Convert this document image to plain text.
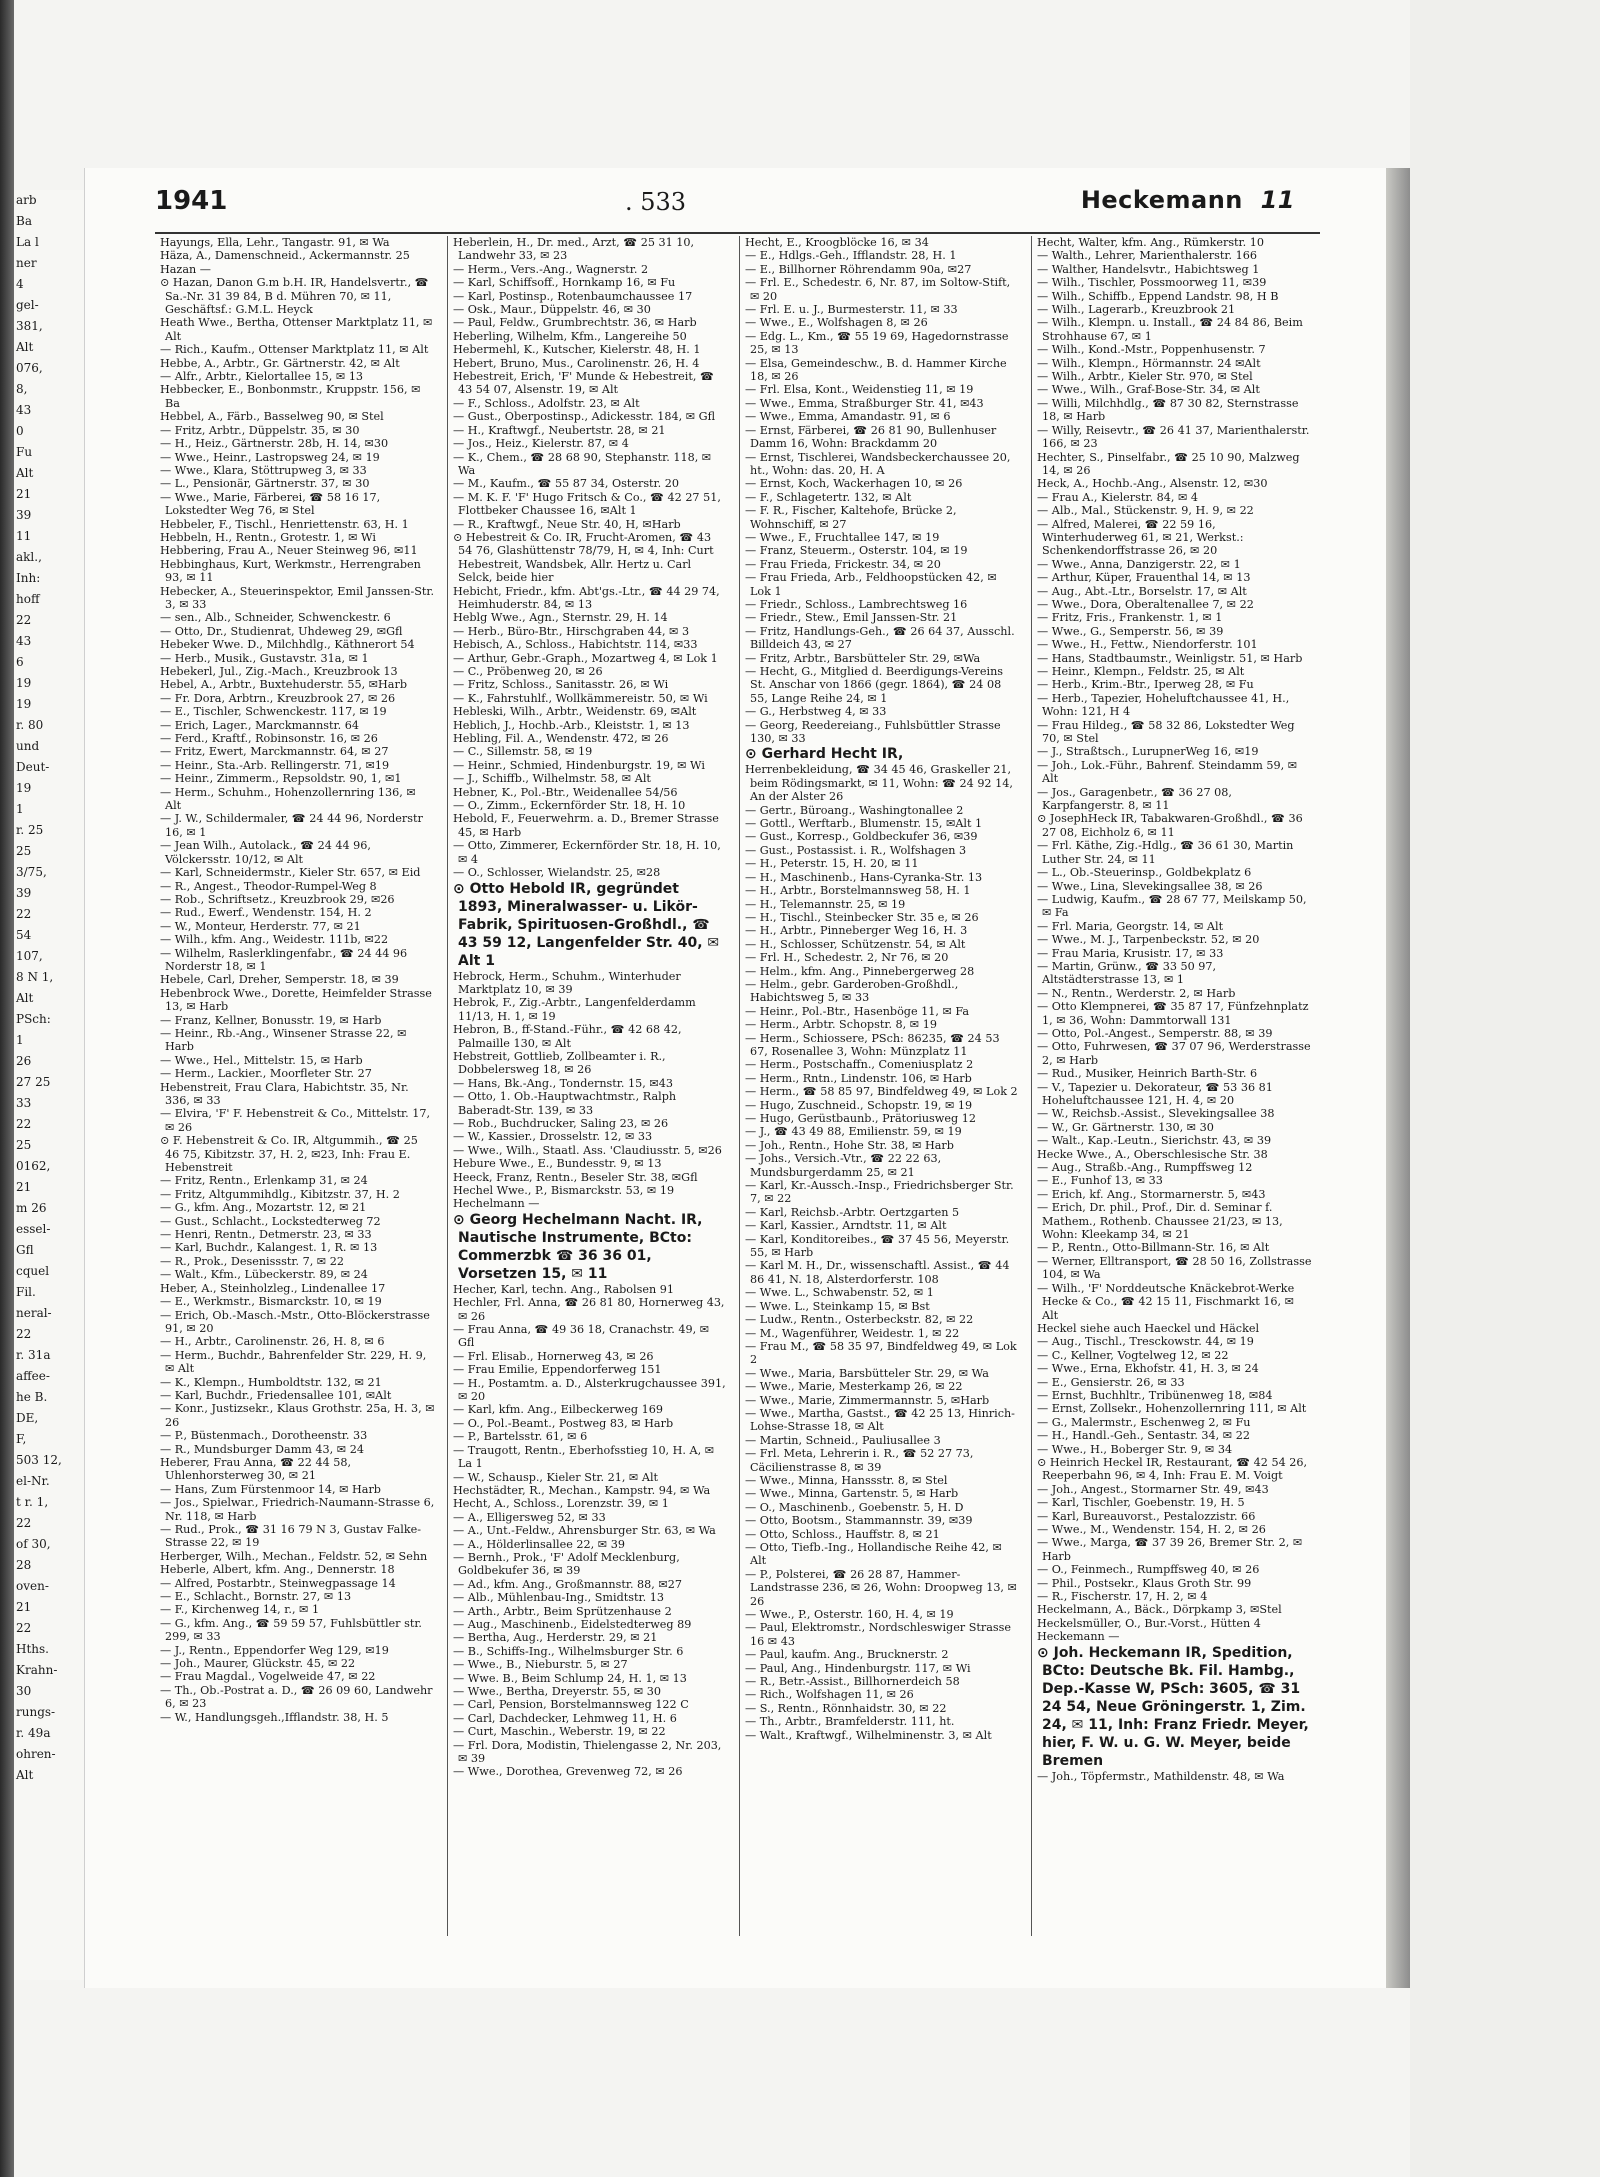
arb
Ba
La l
ner
4
gel-
381,
Alt
076,
8,
43
0
Fu
Alt
21
39
11
akl.,
Inh:
hoff
22
43
6
19
19
r. 80
und
Deut-
19
1
r. 25
25
3/75,
39
22
54
107,
8 N 1,
Alt
PSch:
1
26
27 25
33
22
25
0162,
21
m 26
essel-
Gfl
cquel
Fil.
neral-
22
r. 31a
affee-
he B.
DE,
F,
503 12,
el-Nr.
t r. 1,
22
of 30,
28
oven-
21
22
Hths.
Krahn-
30
rungs-
r. 49a
ohren-
Alt
1941	. 533	Heckemann 11
Hayungs, Ella, Lehr., Tangastr. 91, ✉ Wa
Häza, A., Damenschneid., Ackermannstr. 25
Hazan —
⊙ Hazan, Danon G.m b.H. IR, Handelsvertr., ☎ Sa.-Nr. 31 39 84, B d. Mühren 70, ✉ 11, Geschäftsf.: G.M.L. Heyck
Heath Wwe., Bertha, Ottenser Marktplatz 11, ✉ Alt
— Rich., Kaufm., Ottenser Marktplatz 11, ✉ Alt
Hebbe, A., Arbtr., Gr. Gärtnerstr. 42, ✉ Alt
— Alfr., Arbtr., Kielortallee 15, ✉ 13
Hebbecker, E., Bonbonmstr., Kruppstr. 156, ✉ Ba
Hebbel, A., Färb., Basselweg 90, ✉ Stel
— Fritz, Arbtr., Düppelstr. 35, ✉ 30
— H., Heiz., Gärtnerstr. 28b, H. 14, ✉30
— Wwe., Heinr., Lastropsweg 24, ✉ 19
— Wwe., Klara, Stöttrupweg 3, ✉ 33
— L., Pensionär, Gärtnerstr. 37, ✉ 30
— Wwe., Marie, Färberei, ☎ 58 16 17, Lokstedter Weg 76, ✉ Stel
Hebbeler, F., Tischl., Henriettenstr. 63, H. 1
Hebbeln, H., Rentn., Grotestr. 1, ✉ Wi
Hebbering, Frau A., Neuer Steinweg 96, ✉11
Hebbinghaus, Kurt, Werkmstr., Herrengraben 93, ✉ 11
Hebecker, A., Steuerinspektor, Emil Janssen-Str. 3, ✉ 33
— sen., Alb., Schneider, Schwenckestr. 6
— Otto, Dr., Studienrat, Uhdeweg 29, ✉Gfl
Hebeker Wwe. D., Milchhdlg., Käthnerort 54
— Herb., Musik., Gustavstr. 31a, ✉ 1
Hebekerl, Jul., Zig.-Mach., Kreuzbrook 13
Hebel, A., Arbtr., Buxtehuderstr. 55, ✉Harb
— Fr. Dora, Arbtrn., Kreuzbrook 27, ✉ 26
— E., Tischler, Schwenckestr. 117, ✉ 19
— Erich, Lager., Marckmannstr. 64
— Ferd., Kraftf., Robinsonstr. 16, ✉ 26
— Fritz, Ewert, Marckmannstr. 64, ✉ 27
— Heinr., Sta.-Arb. Rellingerstr. 71, ✉19
— Heinr., Zimmerm., Repsoldstr. 90, 1, ✉1
— Herm., Schuhm., Hohenzollernring 136, ✉ Alt
— J. W., Schildermaler, ☎ 24 44 96, Norderstr 16, ✉ 1
— Jean Wilh., Autolack., ☎ 24 44 96, Völckersstr. 10/12, ✉ Alt
— Karl, Schneidermstr., Kieler Str. 657, ✉ Eid
— R., Angest., Theodor-Rumpel-Weg 8
— Rob., Schriftsetz., Kreuzbrook 29, ✉26
— Rud., Ewerf., Wendenstr. 154, H. 2
— W., Monteur, Herderstr. 77, ✉ 21
— Wilh., kfm. Ang., Weidestr. 111b, ✉22
— Wilhelm, Raslerklingenfabr., ☎ 24 44 96 Norderstr 18, ✉ 1
Hebele, Carl, Dreher, Semperstr. 18, ✉ 39
Hebenbrock Wwe., Dorette, Heimfelder Strasse 13, ✉ Harb
— Franz, Kellner, Bonusstr. 19, ✉ Harb
— Heinr., Rb.-Ang., Winsener Strasse 22, ✉ Harb
— Wwe., Hel., Mittelstr. 15, ✉ Harb
— Herm., Lackier., Moorfleter Str. 27
Hebenstreit, Frau Clara, Habichtstr. 35, Nr. 336, ✉ 33
— Elvira, 'F' F. Hebenstreit & Co., Mittelstr. 17, ✉ 26
⊙ F. Hebenstreit & Co. IR, Altgummih., ☎ 25 46 75, Kibitzstr. 37, H. 2, ✉23, Inh: Frau E. Hebenstreit
— Fritz, Rentn., Erlenkamp 31, ✉ 24
— Fritz, Altgummihdlg., Kibitzstr. 37, H. 2
— G., kfm. Ang., Mozartstr. 12, ✉ 21
— Gust., Schlacht., Lockstedterweg 72
— Henri, Rentn., Detmerstr. 23, ✉ 33
— Karl, Buchdr., Kalangest. 1, R. ✉ 13
— R., Prok., Desenissstr. 7, ✉ 22
— Walt., Kfm., Lübeckerstr. 89, ✉ 24
Heber, A., Steinholzleg., Lindenallee 17
— E., Werkmstr., Bismarckstr. 10, ✉ 19
— Erich, Ob.-Masch.-Mstr., Otto-Blöckerstrasse 91, ✉ 20
— H., Arbtr., Carolinenstr. 26, H. 8, ✉ 6
— Herm., Buchdr., Bahrenfelder Str. 229, H. 9, ✉ Alt
— K., Klempn., Humboldtstr. 132, ✉ 21
— Karl, Buchdr., Friedensallee 101, ✉Alt
— Konr., Justizsekr., Klaus Grothstr. 25a, H. 3, ✉ 26
— P., Büstenmach., Dorotheenstr. 33
— R., Mundsburger Damm 43, ✉ 24
Heberer, Frau Anna, ☎ 22 44 58, Uhlenhorsterweg 30, ✉ 21
— Hans, Zum Fürstenmoor 14, ✉ Harb
— Jos., Spielwar., Friedrich-Naumann-Strasse 6, Nr. 118, ✉ Harb
— Rud., Prok., ☎ 31 16 79 N 3, Gustav Falke-Strasse 22, ✉ 19
Herberger, Wilh., Mechan., Feldstr. 52, ✉ Sehn
Heberle, Albert, kfm. Ang., Dennerstr. 18
— Alfred, Postarbtr., Steinwegpassage 14
— E., Schlacht., Bornstr. 27, ✉ 13
— F., Kirchenweg 14, r., ✉ 1
— G., kfm. Ang., ☎ 59 59 57, Fuhlsbüttler str. 299, ✉ 33
— J., Rentn., Eppendorfer Weg 129, ✉19
— Joh., Maurer, Glückstr. 45, ✉ 22
— Frau Magdal., Vogelweide 47, ✉ 22
— Th., Ob.-Postrat a. D., ☎ 26 09 60, Landwehr 6, ✉ 23
— W., Handlungsgeh.,Ifflandstr. 38, H. 5
Heberlein, H., Dr. med., Arzt, ☎ 25 31 10, Landwehr 33, ✉ 23
— Herm., Vers.-Ang., Wagnerstr. 2
— Karl, Schiffsoff., Hornkamp 16, ✉ Fu
— Karl, Postinsp., Rotenbaumchaussee 17
— Osk., Maur., Düppelstr. 46, ✉ 30
— Paul, Feldw., Grumbrechtstr. 36, ✉ Harb
Heberling, Wilhelm, Kfm., Langereihe 50
Hebermehl, K., Kutscher, Kielerstr. 48, H. 1
Hebert, Bruno, Mus., Carolinenstr. 26, H. 4
Hebestreit, Erich, 'F' Munde & Hebestreit, ☎ 43 54 07, Alsenstr. 19, ✉ Alt
— F., Schloss., Adolfstr. 23, ✉ Alt
— Gust., Oberpostinsp., Adickesstr. 184, ✉ Gfl
— H., Kraftwgf., Neubertstr. 28, ✉ 21
— Jos., Heiz., Kielerstr. 87, ✉ 4
— K., Chem., ☎ 28 68 90, Stephanstr. 118, ✉ Wa
— M., Kaufm., ☎ 55 87 34, Osterstr. 20
— M. K. F. 'F' Hugo Fritsch & Co., ☎ 42 27 51, Flottbeker Chaussee 16, ✉Alt 1
— R., Kraftwgf., Neue Str. 40, H, ✉Harb
⊙ Hebestreit & Co. IR, Frucht-Aromen, ☎ 43 54 76, Glashüttenstr 78/79, H, ✉ 4, Inh: Curt Hebestreit, Wandsbek, Allr. Hertz u. Carl Selck, beide hier
Hebicht, Friedr., kfm. Abt'gs.-Ltr., ☎ 44 29 74, Heimhuderstr. 84, ✉ 13
Heblg Wwe., Agn., Sternstr. 29, H. 14
— Herb., Büro-Btr., Hirschgraben 44, ✉ 3
Hebisch, A., Schloss., Habichtstr. 114, ✉33
— Arthur, Gebr.-Graph., Mozartweg 4, ✉ Lok 1
— C., Pröbenweg 20, ✉ 26
— Fritz, Schloss., Sanitasstr. 26, ✉ Wi
— K., Fahrstuhlf., Wollkämmereistr. 50, ✉ Wi
Hebleski, Wilh., Arbtr., Weidenstr. 69, ✉Alt
Heblich, J., Hochb.-Arb., Kleiststr. 1, ✉ 13
Hebling, Fil. A., Wendenstr. 472, ✉ 26
— C., Sillemstr. 58, ✉ 19
— Heinr., Schmied, Hindenburgstr. 19, ✉ Wi
— J., Schiffb., Wilhelmstr. 58, ✉ Alt
Hebner, K., Pol.-Btr., Weidenallee 54/56
— O., Zimm., Eckernförder Str. 18, H. 10
Hebold, F., Feuerwehrm. a. D., Bremer Strasse 45, ✉ Harb
— Otto, Zimmerer, Eckernförder Str. 18, H. 10, ✉ 4
— O., Schlosser, Wielandstr. 25, ✉28
⊙ Otto Hebold IR, gegründet 1893, Mineralwasser- u. Likör-Fabrik, Spirituosen-Großhdl., ☎ 43 59 12, Langenfelder Str. 40, ✉ Alt 1
Hebrock, Herm., Schuhm., Winterhuder Marktplatz 10, ✉ 39
Hebrok, F., Zig.-Arbtr., Langenfelderdamm 11/13, H. 1, ✉ 19
Hebron, B., ff-Stand.-Führ., ☎ 42 68 42, Palmaille 130, ✉ Alt
Hebstreit, Gottlieb, Zollbeamter i. R., Dobbelersweg 18, ✉ 26
— Hans, Bk.-Ang., Tondernstr. 15, ✉43
— Otto, 1. Ob.-Hauptwachtmstr., Ralph Baberadt-Str. 139, ✉ 33
— Rob., Buchdrucker, Saling 23, ✉ 26
— W., Kassier., Drosselstr. 12, ✉ 33
— Wwe., Wilh., Staatl. Ass. 'Claudiusstr. 5, ✉26
Hebure Wwe., E., Bundesstr. 9, ✉ 13
Heeck, Franz, Rentn., Beseler Str. 38, ✉Gfl
Hechel Wwe., P., Bismarckstr. 53, ✉ 19
Hechelmann —
⊙ Georg Hechelmann Nacht. IR, Nautische Instrumente, BCto: Commerzbk ☎ 36 36 01, Vorsetzen 15, ✉ 11
Hecher, Karl, techn. Ang., Rabolsen 91
Hechler, Frl. Anna, ☎ 26 81 80, Hornerweg 43, ✉ 26
— Frau Anna, ☎ 49 36 18, Cranachstr. 49, ✉ Gfl
— Frl. Elisab., Hornerweg 43, ✉ 26
— Frau Emilie, Eppendorferweg 151
— H., Postamtm. a. D., Alsterkrugchaussee 391, ✉ 20
— Karl, kfm. Ang., Eilbeckerweg 169
— O., Pol.-Beamt., Postweg 83, ✉ Harb
— P., Bartelsstr. 61, ✉ 6
— Traugott, Rentn., Eberhofsstieg 10, H. A, ✉ La 1
— W., Schausp., Kieler Str. 21, ✉ Alt
Hechstädter, R., Mechan., Kampstr. 94, ✉ Wa
Hecht, A., Schloss., Lorenzstr. 39, ✉ 1
— A., Elligersweg 52, ✉ 33
— A., Unt.-Feldw., Ahrensburger Str. 63, ✉ Wa
— A., Hölderlinsallee 22, ✉ 39
— Bernh., Prok., 'F' Adolf Mecklenburg, Goldbekufer 36, ✉ 39
— Ad., kfm. Ang., Großmannstr. 88, ✉27
— Alb., Mühlenbau-Ing., Smidtstr. 13
— Arth., Arbtr., Beim Sprützenhause 2
— Aug., Maschinenb., Eidelstedterweg 89
— Bertha, Aug., Herderstr. 29, ✉ 21
— B., Schiffs-Ing., Wilhelmsburger Str. 6
— Wwe., B., Nieburstr. 5, ✉ 27
— Wwe. B., Beim Schlump 24, H. 1, ✉ 13
— Wwe., Bertha, Dreyerstr. 55, ✉ 30
— Carl, Pension, Borstelmannsweg 122 C
— Carl, Dachdecker, Lehmweg 11, H. 6
— Curt, Maschin., Weberstr. 19, ✉ 22
— Frl. Dora, Modistin, Thielengasse 2, Nr. 203, ✉ 39
— Wwe., Dorothea, Grevenweg 72, ✉ 26
Hecht, E., Kroogblöcke 16, ✉ 34
— E., Hdlgs.-Geh., Ifflandstr. 28, H. 1
— E., Billhorner Röhrendamm 90a, ✉27
— Frl. E., Schedestr. 6, Nr. 87, im Soltow-Stift, ✉ 20
— Frl. E. u. J., Burmesterstr. 11, ✉ 33
— Wwe., E., Wolfshagen 8, ✉ 26
— Edg. L., Km., ☎ 55 19 69, Hagedornstrasse 25, ✉ 13
— Elsa, Gemeindeschw., B. d. Hammer Kirche 18, ✉ 26
— Frl. Elsa, Kont., Weidenstieg 11, ✉ 19
— Wwe., Emma, Straßburger Str. 41, ✉43
— Wwe., Emma, Amandastr. 91, ✉ 6
— Ernst, Färberei, ☎ 26 81 90, Bullenhuser Damm 16, Wohn: Brackdamm 20
— Ernst, Tischlerei, Wandsbeckerchaussee 20, ht., Wohn: das. 20, H. A
— Ernst, Koch, Wackerhagen 10, ✉ 26
— F., Schlagetertr. 132, ✉ Alt
— F. R., Fischer, Kaltehofe, Brücke 2, Wohnschiff, ✉ 27
— Wwe., F., Fruchtallee 147, ✉ 19
— Franz, Steuerm., Osterstr. 104, ✉ 19
— Frau Frieda, Frickestr. 34, ✉ 20
— Frau Frieda, Arb., Feldhoopstücken 42, ✉ Lok 1
— Friedr., Schloss., Lambrechtsweg 16
— Friedr., Stew., Emil Janssen-Str. 21
— Fritz, Handlungs-Geh., ☎ 26 64 37, Ausschl. Billdeich 43, ✉ 27
— Fritz, Arbtr., Barsbütteler Str. 29, ✉Wa
— Hecht, G., Mitglied d. Beerdigungs-Vereins St. Anschar von 1866 (gegr. 1864), ☎ 24 08 55, Lange Reihe 24, ✉ 1
— G., Herbstweg 4, ✉ 33
— Georg, Reedereiang., Fuhlsbüttler Strasse 130, ✉ 33
⊙ Gerhard Hecht IR,
Herrenbekleidung, ☎ 34 45 46, Graskeller 21, beim Rödingsmarkt, ✉ 11, Wohn: ☎ 24 92 14, An der Alster 26
— Gertr., Büroang., Washingtonallee 2
— Gottl., Werftarb., Blumenstr. 15, ✉Alt 1
— Gust., Korresp., Goldbeckufer 36, ✉39
— Gust., Postassist. i. R., Wolfshagen 3
— H., Peterstr. 15, H. 20, ✉ 11
— H., Maschinenb., Hans-Cyranka-Str. 13
— H., Arbtr., Borstelmannsweg 58, H. 1
— H., Telemannstr. 25, ✉ 19
— H., Tischl., Steinbecker Str. 35 e, ✉ 26
— H., Arbtr., Pinneberger Weg 16, H. 3
— H., Schlosser, Schützenstr. 54, ✉ Alt
— Frl. H., Schedestr. 2, Nr 76, ✉ 20
— Helm., kfm. Ang., Pinnebergerweg 28
— Helm., gebr. Garderoben-Großhdl., Habichtsweg 5, ✉ 33
— Heinr., Pol.-Btr., Hasenböge 11, ✉ Fa
— Herm., Arbtr. Schopstr. 8, ✉ 19
— Herm., Schiossere, PSch: 86235, ☎ 24 53 67, Rosenallee 3, Wohn: Münzplatz 11
— Herm., Postschaffn., Comeniusplatz 2
— Herm., Rntn., Lindenstr. 106, ✉ Harb
— Herm., ☎ 58 85 97, Bindfeldweg 49, ✉ Lok 2
— Hugo, Zuschneid., Schopstr. 19, ✉ 19
— Hugo, Gerüstbaunb., Prätoriusweg 12
— J., ☎ 43 49 88, Emilienstr. 59, ✉ 19
— Joh., Rentn., Hohe Str. 38, ✉ Harb
— Johs., Versich.-Vtr., ☎ 22 22 63, Mundsburgerdamm 25, ✉ 21
— Karl, Kr.-Aussch.-Insp., Friedrichsberger Str. 7, ✉ 22
— Karl, Reichsb.-Arbtr. Oertzgarten 5
— Karl, Kassier., Arndtstr. 11, ✉ Alt
— Karl, Konditoreibes., ☎ 37 45 56, Meyerstr. 55, ✉ Harb
— Karl M. H., Dr., wissenschaftl. Assist., ☎ 44 86 41, N. 18, Alsterdorferstr. 108
— Wwe. L., Schwabenstr. 52, ✉ 1
— Wwe. L., Steinkamp 15, ✉ Bst
— Ludw., Rentn., Osterbeckstr. 82, ✉ 22
— M., Wagenführer, Weidestr. 1, ✉ 22
— Frau M., ☎ 58 35 97, Bindfeldweg 49, ✉ Lok 2
— Wwe., Maria, Barsbütteler Str. 29, ✉ Wa
— Wwe., Marie, Mesterkamp 26, ✉ 22
— Wwe., Marie, Zimmermannstr. 5, ✉Harb
— Wwe., Martha, Gastst., ☎ 42 25 13, Hinrich-Lohse-Strasse 18, ✉ Alt
— Martin, Schneid., Pauliusallee 3
— Frl. Meta, Lehrerin i. R., ☎ 52 27 73, Cäcilienstrasse 8, ✉ 39
— Wwe., Minna, Hanssstr. 8, ✉ Stel
— Wwe., Minna, Gartenstr. 5, ✉ Harb
— O., Maschinenb., Goebenstr. 5, H. D
— Otto, Bootsm., Stammannstr. 39, ✉39
— Otto, Schloss., Hauffstr. 8, ✉ 21
— Otto, Tiefb.-Ing., Hollandische Reihe 42, ✉ Alt
— P., Polsterei, ☎ 26 28 87, Hammer-Landstrasse 236, ✉ 26, Wohn: Droopweg 13, ✉ 26
— Wwe., P., Osterstr. 160, H. 4, ✉ 19
— Paul, Elektromstr., Nordschleswiger Strasse 16 ✉ 43
— Paul, kaufm. Ang., Brucknerstr. 2
— Paul, Ang., Hindenburgstr. 117, ✉ Wi
— R., Betr.-Assist., Billhornerdeich 58
— Rich., Wolfshagen 11, ✉ 26
— S., Rentn., Rönnhaidstr. 30, ✉ 22
— Th., Arbtr., Bramfelderstr. 111, ht.
— Walt., Kraftwgf., Wilhelminenstr. 3, ✉ Alt
Hecht, Walter, kfm. Ang., Rümkerstr. 10
— Walth., Lehrer, Marienthalerstr. 166
— Walther, Handelsvtr., Habichtsweg 1
— Wilh., Tischler, Possmoorweg 11, ✉39
— Wilh., Schiffb., Eppend Landstr. 98, H B
— Wilh., Lagerarb., Kreuzbrook 21
— Wilh., Klempn. u. Install., ☎ 24 84 86, Beim Strohhause 67, ✉ 1
— Wilh., Kond.-Mstr., Poppenhusenstr. 7
— Wilh., Klempn., Hörmannstr. 24 ✉Alt
— Wilh., Arbtr., Kieler Str. 970, ✉ Stel
— Wwe., Wilh., Graf-Bose-Str. 34, ✉ Alt
— Willi, Milchhdlg., ☎ 87 30 82, Sternstrasse 18, ✉ Harb
— Willy, Reisevtr., ☎ 26 41 37, Marienthalerstr. 166, ✉ 23
Hechter, S., Pinselfabr., ☎ 25 10 90, Malzweg 14, ✉ 26
Heck, A., Hochb.-Ang., Alsenstr. 12, ✉30
— Frau A., Kielerstr. 84, ✉ 4
— Alb., Mal., Stückenstr. 9, H. 9, ✉ 22
— Alfred, Malerei, ☎ 22 59 16, Winterhuderweg 61, ✉ 21, Werkst.: Schenkendorffstrasse 26, ✉ 20
— Wwe., Anna, Danzigerstr. 22, ✉ 1
— Arthur, Küper, Frauenthal 14, ✉ 13
— Aug., Abt.-Ltr., Borselstr. 17, ✉ Alt
— Wwe., Dora, Oberaltenallee 7, ✉ 22
— Fritz, Fris., Frankenstr. 1, ✉ 1
— Wwe., G., Semperstr. 56, ✉ 39
— Wwe., H., Fettw., Niendorferstr. 101
— Hans, Stadtbaumstr., Weinligstr. 51, ✉ Harb
— Heinr., Klempn., Feldstr. 25, ✉ Alt
— Herb., Krim.-Btr., Iperweg 28, ✉ Fu
— Herb., Tapezier, Hoheluftchaussee 41, H., Wohn: 121, H 4
— Frau Hildeg., ☎ 58 32 86, Lokstedter Weg 70, ✉ Stel
— J., Straßtsch., LurupnerWeg 16, ✉19
— Joh., Lok.-Führ., Bahrenf. Steindamm 59, ✉ Alt
— Jos., Garagenbetr., ☎ 36 27 08, Karpfangerstr. 8, ✉ 11
⊙ JosephHeck IR, Tabakwaren-Großhdl., ☎ 36 27 08, Eichholz 6, ✉ 11
— Frl. Käthe, Zig.-Hdlg., ☎ 36 61 30, Martin Luther Str. 24, ✉ 11
— L., Ob.-Steuerinsp., Goldbekplatz 6
— Wwe., Lina, Slevekingsallee 38, ✉ 26
— Ludwig, Kaufm., ☎ 28 67 77, Meilskamp 50, ✉ Fa
— Frl. Maria, Georgstr. 14, ✉ Alt
— Wwe., M. J., Tarpenbeckstr. 52, ✉ 20
— Frau Maria, Krusistr. 17, ✉ 33
— Martin, Grünw., ☎ 33 50 97, Altstädterstrasse 13, ✉ 1
— N., Rentn., Werderstr. 2, ✉ Harb
— Otto Klempnerei, ☎ 35 87 17, Fünfzehnplatz 1, ✉ 36, Wohn: Dammtorwall 131
— Otto, Pol.-Angest., Semperstr. 88, ✉ 39
— Otto, Fuhrwesen, ☎ 37 07 96, Werderstrasse 2, ✉ Harb
— Rud., Musiker, Heinrich Barth-Str. 6
— V., Tapezier u. Dekorateur, ☎ 53 36 81 Hoheluftchaussee 121, H. 4, ✉ 20
— W., Reichsb.-Assist., Slevekingsallee 38
— W., Gr. Gärtnerstr. 130, ✉ 30
— Walt., Kap.-Leutn., Sierichstr. 43, ✉ 39
Hecke Wwe., A., Oberschlesische Str. 38
— Aug., Straßb.-Ang., Rumpffsweg 12
— E., Funhof 13, ✉ 33
— Erich, kf. Ang., Stormarnerstr. 5, ✉43
— Erich, Dr. phil., Prof., Dir. d. Seminar f. Mathem., Rothenb. Chaussee 21/23, ✉ 13, Wohn: Kleekamp 34, ✉ 21
— P., Rentn., Otto-Billmann-Str. 16, ✉ Alt
— Werner, Elltransport, ☎ 28 50 16, Zollstrasse 104, ✉ Wa
— Wilh., 'F' Norddeutsche Knäckebrot-Werke Hecke & Co., ☎ 42 15 11, Fischmarkt 16, ✉ Alt
Heckel siehe auch Haeckel und Häckel
— Aug., Tischl., Tresckowstr. 44, ✉ 19
— C., Kellner, Vogtelweg 12, ✉ 22
— Wwe., Erna, Ekhofstr. 41, H. 3, ✉ 24
— E., Gensierstr. 26, ✉ 33
— Ernst, Buchhltr., Tribünenweg 18, ✉84
— Ernst, Zollsekr., Hohenzollernring 111, ✉ Alt
— G., Malermstr., Eschenweg 2, ✉ Fu
— H., Handl.-Geh., Sentastr. 34, ✉ 22
— Wwe., H., Boberger Str. 9, ✉ 34
⊙ Heinrich Heckel IR, Restaurant, ☎ 42 54 26, Reeperbahn 96, ✉ 4, Inh: Frau E. M. Voigt
— Joh., Angest., Stormarner Str. 49, ✉43
— Karl, Tischler, Goebenstr. 19, H. 5
— Karl, Bureauvorst., Pestalozzistr. 66
— Wwe., M., Wendenstr. 154, H. 2, ✉ 26
— Wwe., Marga, ☎ 37 39 26, Bremer Str. 2, ✉ Harb
— O., Feinmech., Rumpffsweg 40, ✉ 26
— Phil., Postsekr., Klaus Groth Str. 99
— R., Fischerstr. 17, H. 2, ✉ 4
Heckelmann, A., Bäck., Dörpkamp 3, ✉Stel
Heckelsmüller, O., Bur.-Vorst., Hütten 4
Heckemann —
⊙ Joh. Heckemann IR, Spedition, BCto: Deutsche Bk. Fil. Hambg., Dep.-Kasse W, PSch: 3605, ☎ 31 24 54, Neue Gröningerstr. 1, Zim. 24, ✉ 11, Inh: Franz Friedr. Meyer, hier, F. W. u. G. W. Meyer, beide Bremen
— Joh., Töpfermstr., Mathildenstr. 48, ✉ Wa
